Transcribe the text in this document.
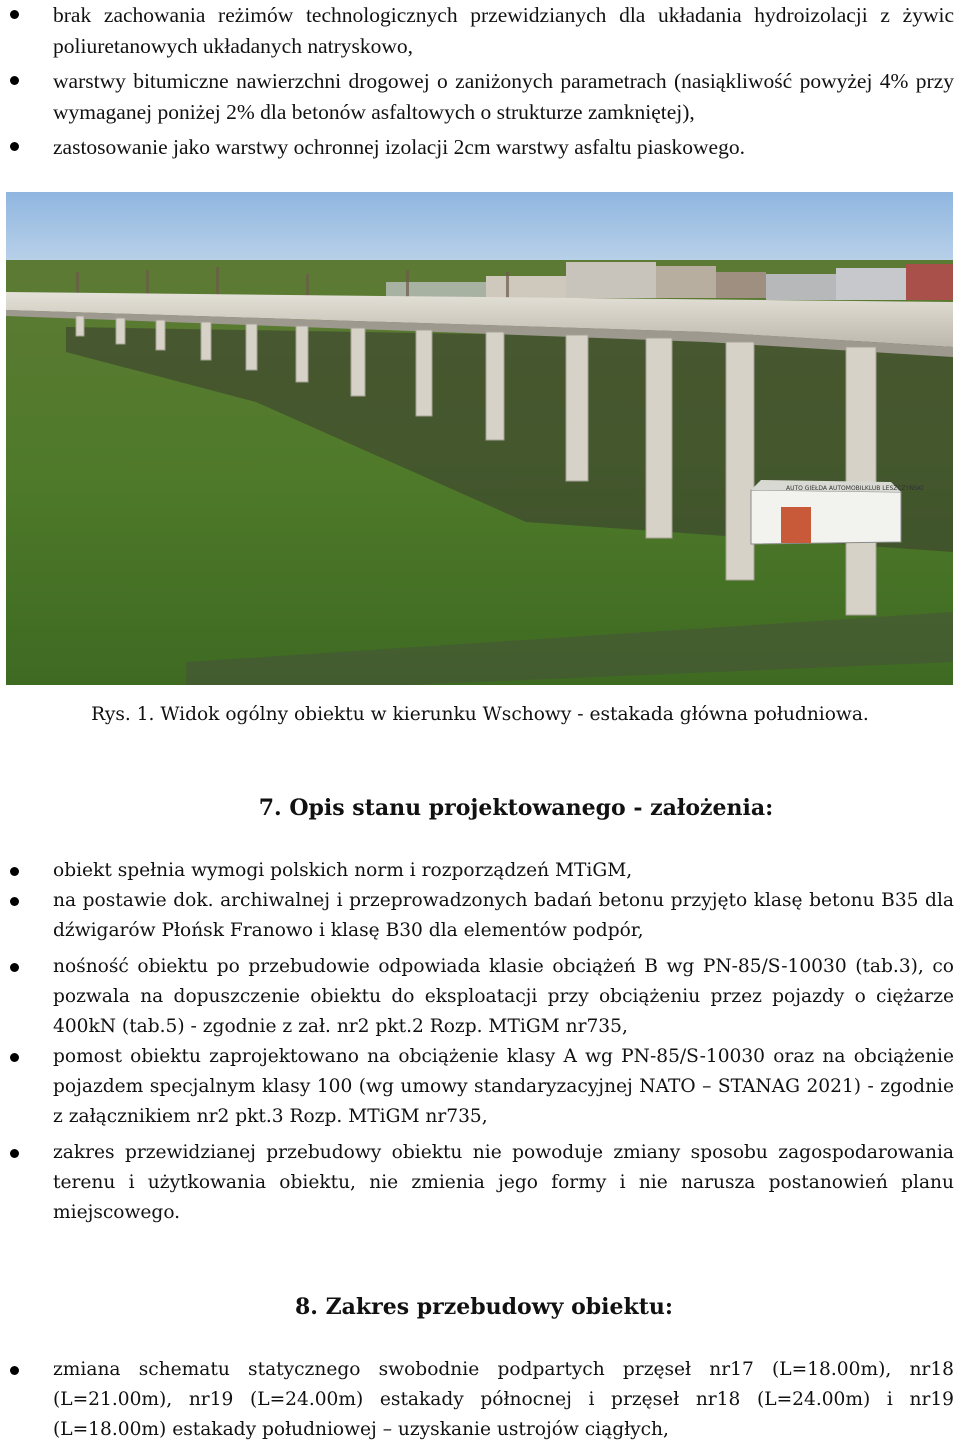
brak zachowania reżimów technologicznych przewidzianych dla układania hydroizolacji z żywic poliuretanowych układanych natryskowo,
warstwy bitumiczne nawierzchni drogowej o zaniżonych parametrach (nasiąkliwość powyżej 4% przy wymaganej poniżej 2% dla betonów asfaltowych o strukturze zamkniętej),
zastosowanie jako warstwy ochronnej izolacji 2cm warstwy asfaltu piaskowego.
AUTO GIEŁDA AUTOMOBILKLUB LESZCZYŃSKI
Rys. 1. Widok ogólny obiektu w kierunku Wschowy - estakada główna południowa.
7. Opis stanu projektowanego - założenia:
obiekt spełnia wymogi polskich norm i rozporządzeń MTiGM,
na postawie dok. archiwalnej i przeprowadzonych badań betonu przyjęto klasę betonu B35 dla dźwigarów Płońsk Franowo i klasę B30 dla elementów podpór,
nośność obiektu po przebudowie odpowiada klasie obciążeń B wg PN-85/S-10030 (tab.3), co pozwala na dopuszczenie obiektu do eksploatacji przy obciążeniu przez pojazdy o ciężarze 400kN (tab.5) - zgodnie z zał. nr2 pkt.2 Rozp. MTiGM nr735,
pomost obiektu zaprojektowano na obciążenie klasy A wg PN-85/S-10030 oraz na obciążenie pojazdem specjalnym klasy 100 (wg umowy standaryzacyjnej NATO – STANAG 2021) - zgodnie z załącznikiem nr2 pkt.3 Rozp. MTiGM nr735,
zakres przewidzianej przebudowy obiektu nie powoduje zmiany sposobu zagospodarowania terenu i użytkowania obiektu, nie zmienia jego formy i nie narusza postanowień planu miejscowego.
8. Zakres przebudowy obiektu:
zmiana schematu statycznego swobodnie podpartych przęseł nr17 (L=18.00m), nr18 (L=21.00m), nr19 (L=24.00m) estakady północnej i przęseł nr18 (L=24.00m) i nr19 (L=18.00m) estakady południowej – uzyskanie ustrojów ciągłych,
